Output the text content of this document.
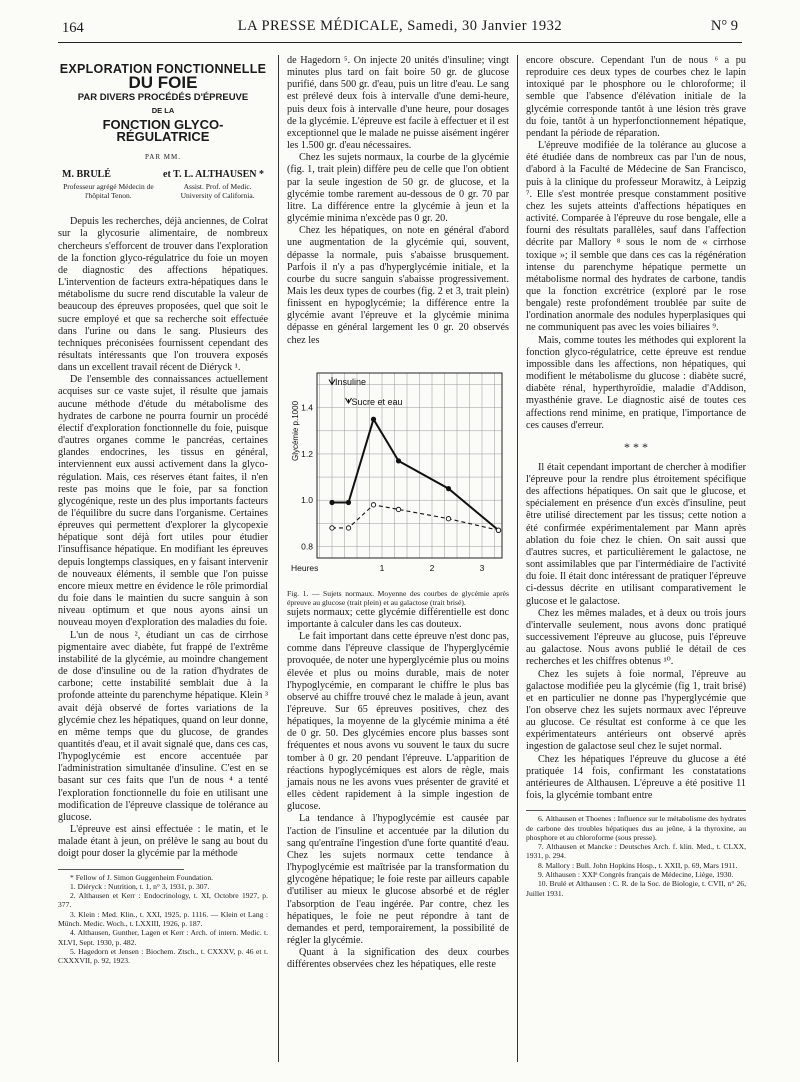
164	LA PRESSE MÉDICALE, Samedi, 30 Janvier 1932	N° 9
EXPLORATION FONCTIONNELLE
DU FOIE
PAR DIVERS PROCÉDÉS D'ÉPREUVE
DE LA
FONCTION GLYCO-RÉGULATRICE
PAR MM.
M. BRULÉ	et T. L. ALTHAUSEN *
Professeur agrégé Médecin de l'hôpital Tenon.
Assist. Prof. of Medic. University of California.

Depuis les recherches, déjà anciennes, de Colrat sur la glycosurie alimentaire, de nombreux chercheurs s'efforcent de trouver dans l'exploration de la fonction glyco-régulatrice du foie un moyen de diagnostic des affections hépatiques. L'intervention de facteurs extra-hépatiques dans le métabolisme du sucre rend discutable la valeur de beaucoup des épreuves proposées, quel que soit le sucre employé et que sa recherche soit effectuée dans l'urine ou dans le sang. Plusieurs des techniques préconisées fournissent cependant des résultats intéressants que l'on trouvera exposés dans un excellent travail récent de Diéryck ¹.

De l'ensemble des connaissances actuellement acquises sur ce vaste sujet, il résulte que jamais aucune méthode d'étude du métabolisme des hydrates de carbone ne pourra fournir un procédé électif d'exploration fonctionnelle du foie, puisque d'autres organes comme le pancréas, certaines glandes endocrines, les tissus en général, interviennent eux aussi activement dans la glyco-régulation. Mais, ces réserves étant faites, il n'en reste pas moins que le foie, par sa fonction glycogénique, reste un des plus importants facteurs de l'équilibre du sucre dans l'organisme. Certaines épreuves qui permettent d'explorer la glycopexie hépatique sont déjà fort utiles pour étudier l'insuffisance hépatique. En modifiant les épreuves depuis longtemps classiques, en y faisant intervenir de nouveaux éléments, il semble que l'on puisse encore mieux mettre en évidence le rôle primordial du foie dans le maintien du sucre sanguin à son niveau optimum et que nous ayons ainsi un nouveau moyen d'exploration des maladies du foie.

L'un de nous ², étudiant un cas de cirrhose pigmentaire avec diabète, fut frappé de l'extrême instabilité de la glycémie, au moindre changement de dose d'insuline ou de la ration d'hydrates de carbone; cette instabilité semblait due à la profonde atteinte du parenchyme hépatique. Klein ³ avait déjà observé de fortes variations de la glycémie chez les hépatiques, quand on leur donne, en même temps que du glucose, de grandes quantités d'eau, et il avait signalé que, dans ces cas, l'hypoglycémie est encore accentuée par l'administration simultanée d'insuline. C'est en se basant sur ces faits que l'un de nous ⁴ a tenté l'exploration fonctionnelle du foie en utilisant une modification de l'épreuve classique de tolérance au glucose.

L'épreuve est ainsi effectuée : le matin, et le malade étant à jeun, on prélève le sang au bout du doigt pour doser la glycémie par la méthode

* Fellow of J. Simon Guggenheim Foundation.

1. Diéryck : Nutrition, t. 1, n° 3, 1931, p. 307.

2. Althausen et Kerr : Endocrinology, t. XI, Octobre 1927, p. 377.

3. Klein : Med. Klin., t. XXI, 1925, p. 1116. — Klein et Lang : Münch. Medic. Woch., t. LXXIII, 1926, p. 187.

4. Althausen, Gunther, Lagen et Kerr : Arch. of intern. Medic. t. XLVI, Sept. 1930, p. 482.

5. Hagedorn et Jensen : Biochem. Ztsch., t. CXXXV, p. 46 et t. CXXXVII, p. 92, 1923.

de Hagedorn ⁵. On injecte 20 unités d'insuline; vingt minutes plus tard on fait boire 50 gr. de glucose purifié, dans 500 gr. d'eau, puis un litre d'eau. Le sang est prélevé deux fois à intervalle d'une demi-heure, puis deux fois à intervalle d'une heure, pour dosages de la glycémie. L'épreuve est facile à effectuer et il est exceptionnel que le malade ne puisse aisément ingérer les 1.500 gr. d'eau nécessaires.

Chez les sujets normaux, la courbe de la glycémie (fig. 1, trait plein) diffère peu de celle que l'on obtient par la seule ingestion de 50 gr. de glucose, et la glycémie tombe rarement au-dessous de 0 gr. 70 par litre. La différence entre la glycémie à jeun et la glycémie minima n'excède pas 0 gr. 20.

Chez les hépatiques, on note en général d'abord une augmentation de la glycémie qui, souvent, dépasse la normale, puis s'abaisse brusquement. Parfois il n'y a pas d'hyperglycémie initiale, et la courbe du sucre sanguin s'abaisse progressivement. Mais les deux types de courbes (fig. 2 et 3, trait plein) finissent en hypoglycémie; la différence entre la glycémie avant l'épreuve et la glycémie minima dépasse en général largement les 0 gr. 20 observés chez les

0.8
1.0
1.2
1.4
1	2	3
Heures
Glycémie p.1000
Insuline
Sucre et eau

Fig. 1. — Sujets normaux. Moyenne des courbes de glycémie après épreuve au glucose (trait plein) et au galactose (trait brisé).

sujets normaux; cette glycémie différentielle est donc importante à calculer dans les cas douteux.

Le fait important dans cette épreuve n'est donc pas, comme dans l'épreuve classique de l'hyperglycémie provoquée, de noter une hyperglycémie plus ou moins élevée et plus ou moins durable, mais de noter l'hypoglycémie, en comparant le chiffre le plus bas observé au chiffre trouvé chez le malade à jeun, avant l'épreuve. Sur 65 épreuves positives, chez des hépatiques, la moyenne de la glycémie minima a été de 0 gr. 50. Des glycémies encore plus basses sont fréquentes et nous avons vu souvent le taux du sucre tomber à 0 gr. 20 pendant l'épreuve. L'apparition de réactions hypoglycémiques est alors de règle, mais jamais nous ne les avons vues présenter de gravité et elles cèdent rapidement à la simple ingestion de glucose.

La tendance à l'hypoglycémie est causée par l'action de l'insuline et accentuée par la dilution du sang qu'entraîne l'ingestion d'une forte quantité d'eau. Chez les sujets normaux cette tendance à l'hypoglycémie est maîtrisée par la transformation du glycogène hépatique; le foie reste par ailleurs capable d'utiliser au mieux le glucose absorbé et de régler l'absorption de l'eau ingérée. Par contre, chez les hépatiques, le foie ne peut répondre à tant de demandes et perd, temporairement, la possibilité de régler la glycémie.

Quant à la signification des deux courbes différentes observées chez les hépatiques, elle reste

encore obscure. Cependant l'un de nous ⁶ a pu reproduire ces deux types de courbes chez le lapin intoxiqué par le phosphore ou le chloroforme; il semble que l'absence d'élévation initiale de la glycémie corresponde tantôt à une lésion très grave du foie, tantôt à un hyperfonctionnement hépatique, pendant la période de réparation.

L'épreuve modifiée de la tolérance au glucose a été étudiée dans de nombreux cas par l'un de nous, d'abord à la Faculté de Médecine de San Francisco, puis à la clinique du professeur Morawitz, à Leipzig ⁷. Elle s'est montrée presque constamment positive chez les sujets atteints d'affections hépatiques en activité. Comparée à l'épreuve du rose bengale, elle a fourni des résultats parallèles, sauf dans l'affection décrite par Mallory ⁸ sous le nom de « cirrhose toxique »; il semble que dans ces cas la régénération intense du parenchyme hépatique permette un métabolisme normal des hydrates de carbone, tandis que la fonction excrétrice (exploré par le rose bengale) reste profondément troublée par suite de l'ordination anormale des nodules hyperplasiques qui ne communiquent pas avec les voies biliaires ⁹.

Mais, comme toutes les méthodes qui explorent la fonction glyco-régulatrice, cette épreuve est rendue impossible dans les affections, non hépatiques, qui modifient le métabolisme du glucose : diabète sucré, diabète rénal, hyperthyroïdie, maladie d'Addison, myasthénie grave. Le diagnostic aisé de toutes ces affections rend minime, en pratique, l'importance de ces causes d'erreur.

* * *

Il était cependant important de chercher à modifier l'épreuve pour la rendre plus étroitement spécifique des affections hépatiques. On sait que le glucose, et spécialement en présence d'un excès d'insuline, peut être utilisé directement par les tissus; cette notion a été confirmée expérimentalement par Mann après ablation du foie chez le chien. On sait aussi que d'autres sucres, et particulièrement le galactose, ne sont assimilables que par l'intermédiaire de l'activité du foie. Il était donc intéressant de pratiquer l'épreuve ci-dessus décrite en utilisant comparativement le glucose et le galactose.

Chez les mêmes malades, et à deux ou trois jours d'intervalle seulement, nous avons donc pratiqué successivement l'épreuve au glucose, puis l'épreuve au galactose. Nous avons publié le détail de ces recherches et les chiffres obtenus ¹⁰.

Chez les sujets à foie normal, l'épreuve au galactose modifiée peu la glycémie (fig 1, trait brisé) et en particulier ne donne pas l'hyperglycémie que l'on observe chez les sujets normaux avec l'épreuve au glucose. Ce résultat est conforme à ce que les expérimentateurs antérieurs ont observé après ingestion de galactose seul chez le sujet normal.

Chez les hépatiques l'épreuve du glucose a été pratiquée 14 fois, confirmant les constatations antérieures de Althausen. L'épreuve a été positive 11 fois, la glycémie tombant entre

6. Althausen et Thoenes : Influence sur le métabolisme des hydrates de carbone des troubles hépatiques dus au jeûne, à la thyroxine, au phosphore et au chloroforme (sous presse).

7. Althausen et Mancke : Deutsches Arch. f. klin. Med., t. CLXX, 1931, p. 294.

8. Mallory : Bull. John Hopkins Hosp., t. XXII, p. 69, Mars 1911.

9. Althausen : XXIᵉ Congrès français de Médecine, Liège, 1930.

10. Brulé et Althausen : C. R. de la Soc. de Biologie, t. CVII, n° 26, Juillet 1931.
